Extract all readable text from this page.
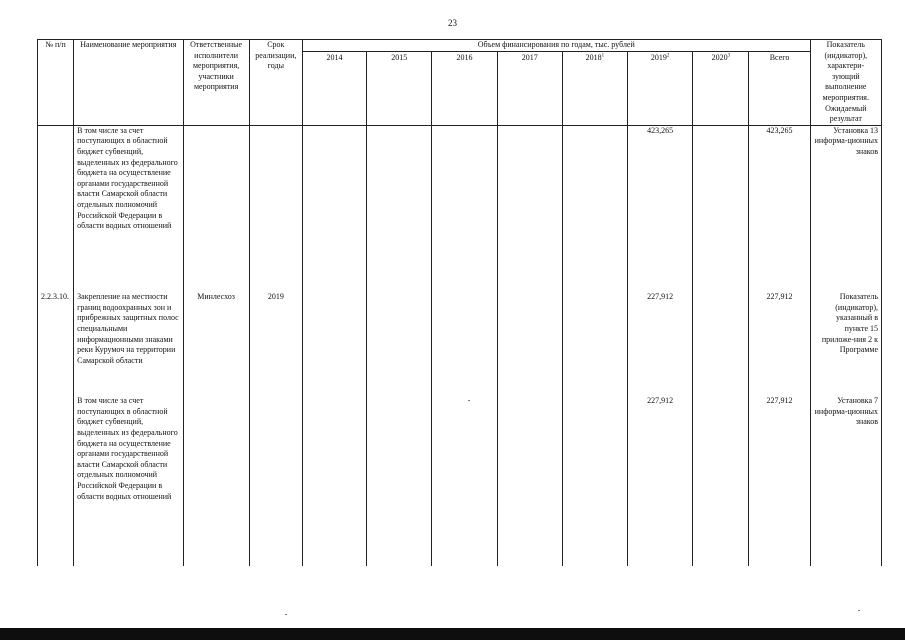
23
№ п/п	Наименование мероприятия	Ответственные исполнители мероприятия, участники мероприятия	Срок реализации, годы	Объем финансирования по годам, тыс. рублей								Показатель (индикатор), характери-зующий выполнение мероприятия. Ожидаемый результат
				2014	2015	2016	2017	2018$^1$	2019$^2$	2020$^3$	Всего	
	В том числе за счет поступающих в областной бюджет субвенций, выделенных из федерального бюджета на осуществление органами государственной власти Самарской области отдельных полномочий Российской Федерации в области водных отношений								423,265		423,265	Установка 13 информа-ционных знаков
2.2.3.10.	Закрепление на местности границ водоохранных зон и прибрежных защитных полос специальными информационными знаками реки Курумоч на территории Самарской области	Минлесхоз	2019						227,912		227,912	Показатель (индикатор), указанный в пункте 15 приложе-ния 2 к Программе
	В том числе за счет поступающих в областной бюджет субвенций, выделенных из федерального бюджета на осуществление органами государственной власти Самарской области отдельных полномочий Российской Федерации в области водных отношений								227,912		227,912	Установка 7 информа-ционных знаков
